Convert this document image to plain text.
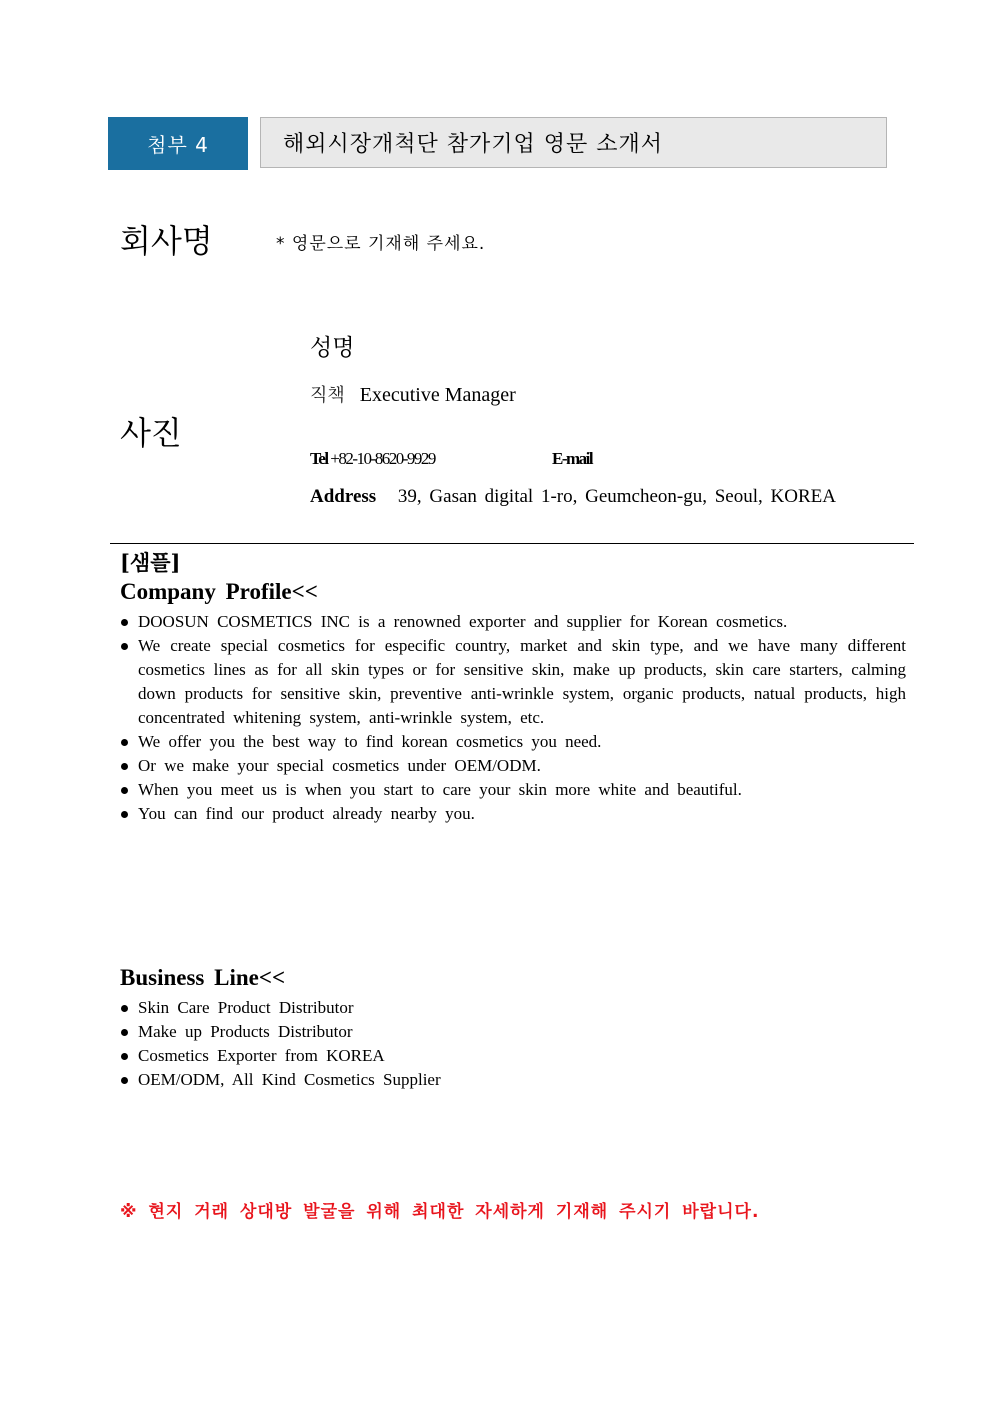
첨부 4	해외시장개척단 참가기업 영문 소개서
회사명	* 영문으로 기재해 주세요.
성명
직책 Executive Manager
사진
Tel +82-10-8620-9929	E-mail
Address 39, Gasan digital 1-ro, Geumcheon-gu, Seoul, KOREA
[샘플]
Company Profile<<
DOOSUN COSMETICS INC is a renowned exporter and supplier for Korean cosmetics.
We create special cosmetics for especific country, market and skin type, and we have many different cosmetics lines as for all skin types or for sensitive skin, make up products, skin care starters, calming down products for sensitive skin, preventive anti-wrinkle system, organic products, natual products, high concentrated whitening system, anti-wrinkle system, etc.
We offer you the best way to find korean cosmetics you need.
Or we make your special cosmetics under OEM/ODM.
When you meet us is when you start to care your skin more white and beautiful.
You can find our product already nearby you.
Business Line<<
Skin Care Product Distributor
Make up Products Distributor
Cosmetics Exporter from KOREA
OEM/ODM, All Kind Cosmetics Supplier
※ 현지 거래 상대방 발굴을 위해 최대한 자세하게 기재해 주시기 바랍니다.
